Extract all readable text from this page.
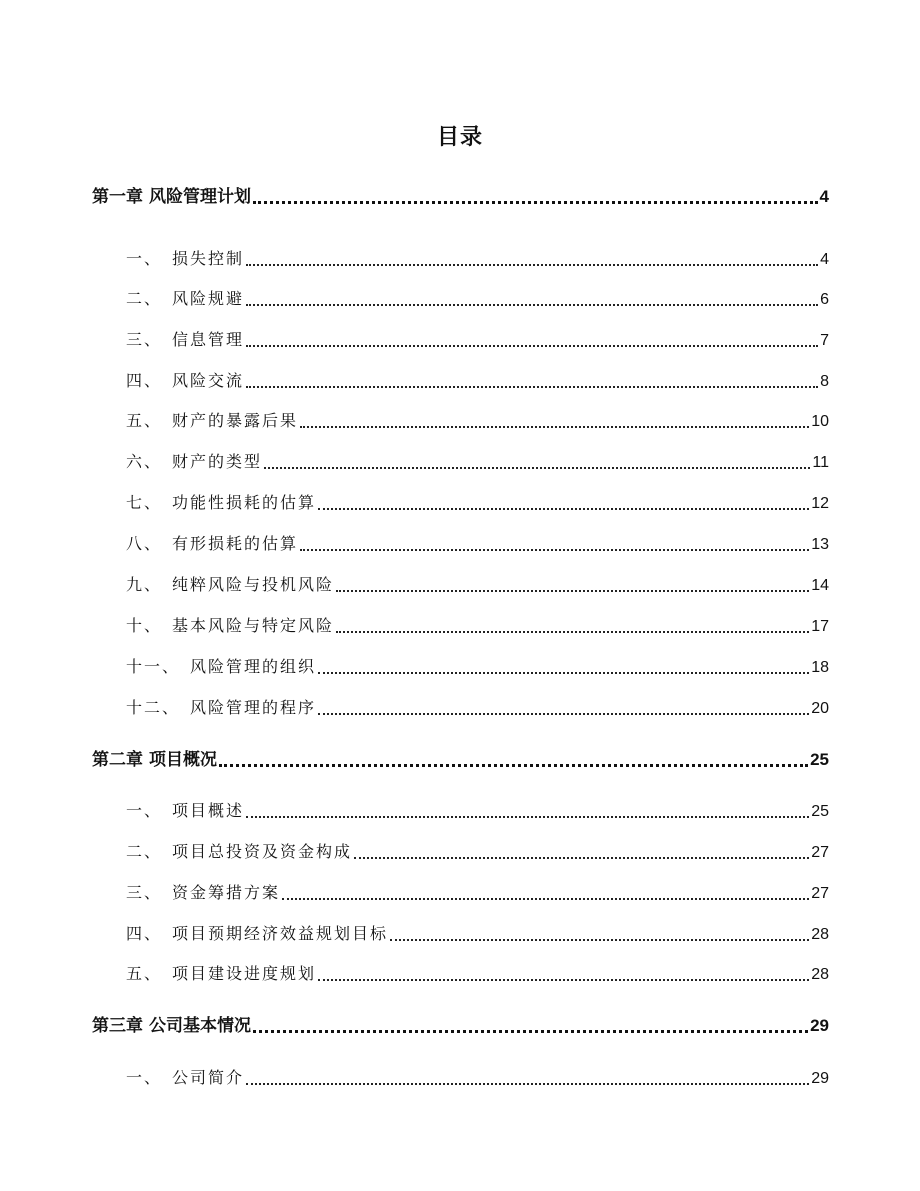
目录
第一章 风险管理计划	4
一、 损失控制	4
二、 风险规避	6
三、 信息管理	7
四、 风险交流	8
五、 财产的暴露后果	10
六、 财产的类型	11
七、 功能性损耗的估算	12
八、 有形损耗的估算	13
九、 纯粹风险与投机风险	14
十、 基本风险与特定风险	17
十一、 风险管理的组织	18
十二、 风险管理的程序	20
第二章 项目概况	25
一、 项目概述	25
二、 项目总投资及资金构成	27
三、 资金筹措方案	27
四、 项目预期经济效益规划目标	28
五、 项目建设进度规划	28
第三章 公司基本情况	29
一、 公司简介	29
